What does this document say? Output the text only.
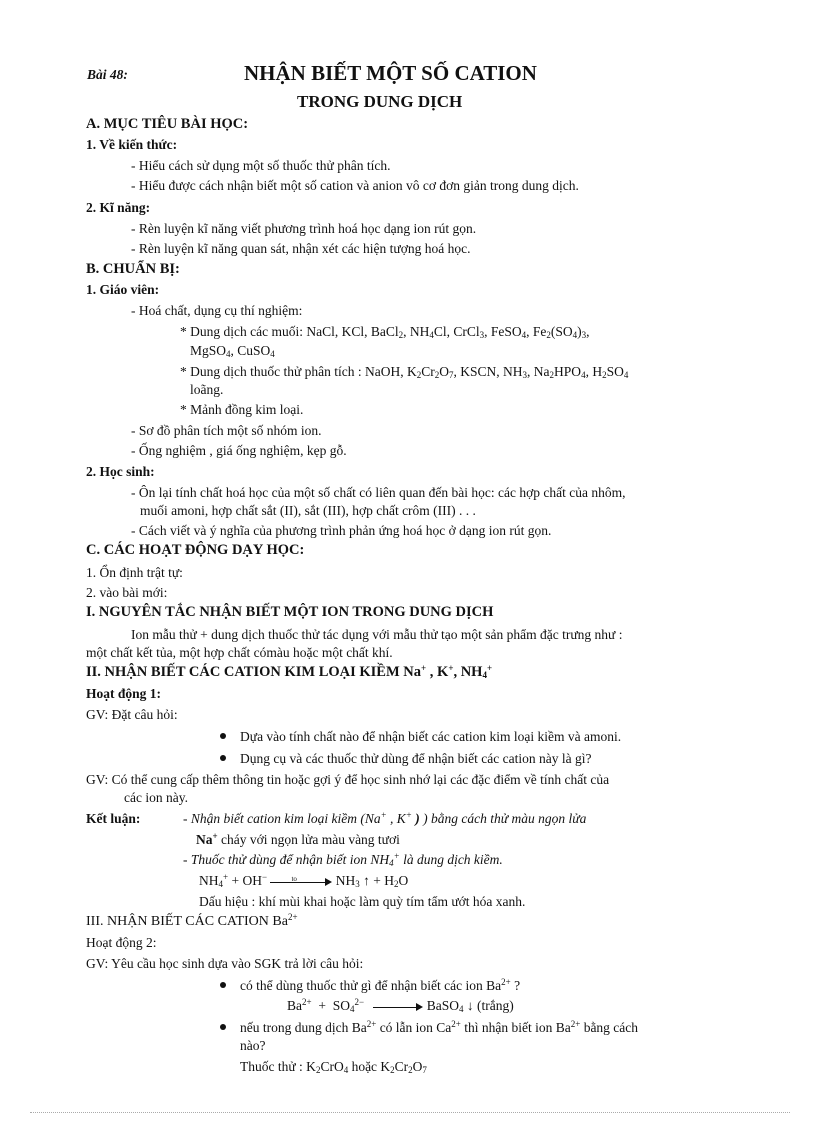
Bài 48:	NHẬN BIẾT MỘT SỐ CATION
TRONG DUNG DỊCH
A. MỤC TIÊU BÀI HỌC:
1. Về kiến thức:
- Hiểu cách sử dụng một số thuốc thử phân tích.
- Hiểu được cách nhận biết một số cation và anion vô cơ đơn giản trong dung dịch.
2. Kĩ năng:
- Rèn luyện kĩ năng viết phương trình hoá học dạng ion rút gọn.
- Rèn luyện kĩ năng quan sát, nhận xét các hiện tượng hoá học.
B. CHUẨN BỊ:
1. Giáo viên:
- Hoá chất, dụng cụ thí nghiệm:
* Dung dịch các muối: NaCl, KCl, BaCl$_2$, $NH_4Cl$, CrCl$_3$, FeSO$_4$, $Fe_2(SO_4)_3$,
MgSO$_4$, CuSO$_4$
* Dung dịch thuốc thử phân tích : NaOH, $K_2Cr_2O_7$, KSCN, $NH_3$, $Na_2HPO_4$, $H_2SO_4$
loãng.
* Mảnh đồng kim loại.
- Sơ đồ phân tích một số nhóm ion.
- Ống nghiệm , giá ống nghiệm, kẹp gỗ.
2. Học sinh:
- Ôn lại tính chất hoá học của một số chất có liên quan đến bài học: các hợp chất của nhôm,
muối amoni, hợp chất sắt (II), sắt (III), hợp chất crôm (III) . . .
- Cách viết và ý nghĩa của phương trình phản ứng hoá học ở dạng ion rút gọn.
C. CÁC HOẠT ĐỘNG DẠY HỌC:
1. Ổn định trật tự:
2. vào bài mới:
I. NGUYÊN TẮC NHẬN BIẾT MỘT ION TRONG DUNG DỊCH
Ion mẫu thử + dung dịch thuốc thử tác dụng với mẫu thử tạo một sản phẩm đặc trưng như :
một chất kết tủa, một hợp chất cómàu hoặc một chất khí.
II. NHẬN BIẾT CÁC CATION KIM LOẠI KIỀM Na+ , K+, $NH_4^+$
Hoạt động 1:
GV: Đặt câu hỏi:
Dựa vào tính chất nào để nhận biết các cation kim loại kiềm và amoni.
Dụng cụ và các thuốc thử dùng để nhận biết các cation này là gì?
GV: Có thể cung cấp thêm thông tin hoặc gợi ý để học sinh nhớ lại các đặc điểm về tính chất của
các ion này.
Kết luận:	- Nhận biết cation kim loại kiềm (Na+ , K+ ) ) bằng cách thử màu ngọn lửa
Na+ cháy với ngọn lửa màu vàng tươi
- Thuốc thử dùng để nhận biết ion $NH_4^+$ là dung dịch kiềm.
$NH_4^+ + OH^-$	to	$NH_3$ ↑ + $H_2O$
Dấu hiệu : khí mùi khai hoặc làm quỳ tím tẩm ướt hóa xanh.
III. NHẬN BIẾT CÁC CATION $Ba^{2+}$
Hoạt động 2:
GV: Yêu cầu học sinh dựa vào SGK trả lời câu hỏi:
có thể dùng thuốc thử gì để nhận biết các ion $Ba^{2+}$ ?
$Ba^{2+} + SO_4^{2-}$	BaSO$_4$ ↓ (trắng)
nếu trong dung dịch $Ba^{2+}$ có lẫn ion $Ca^{2+}$ thì nhận biết ion $Ba^{2+}$ bằng cách
nào?
Thuốc thử : $K_2CrO_4$ hoặc $K_2Cr_2O_7$
